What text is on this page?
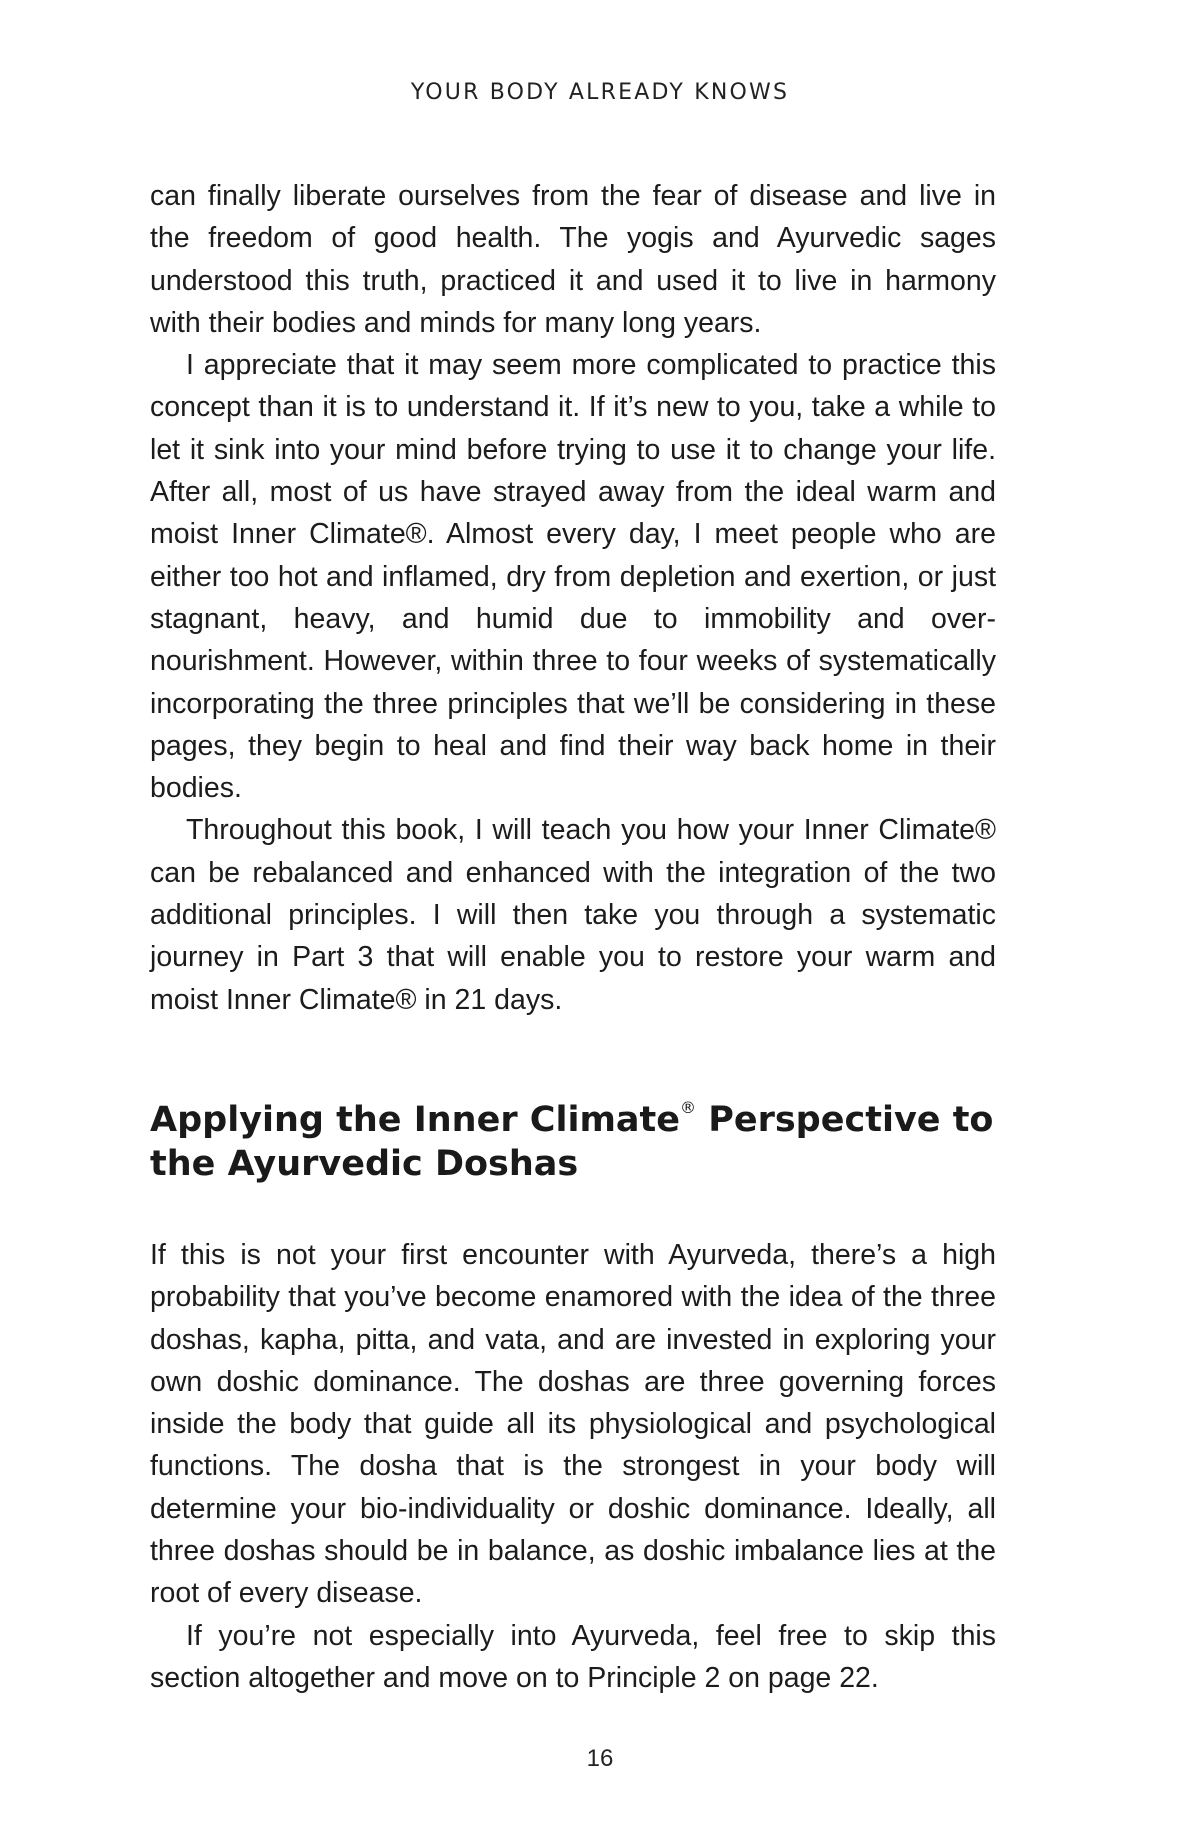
YOUR BODY ALREADY KNOWS

can finally liberate ourselves from the fear of disease and live in the freedom of good health. The yogis and Ayurvedic sages understood this truth, practiced it and used it to live in harmony with their bodies and minds for many long years.

I appreciate that it may seem more complicated to practice this concept than it is to understand it. If it’s new to you, take a while to let it sink into your mind before trying to use it to change your life. After all, most of us have strayed away from the ideal warm and moist Inner Climate®. Almost every day, I meet people who are either too hot and inflamed, dry from depletion and exertion, or just stagnant, heavy, and humid due to immobility and over-nourishment. However, within three to four weeks of systematically incorporating the three principles that we’ll be considering in these pages, they begin to heal and find their way back home in their bodies.

Throughout this book, I will teach you how your Inner Climate® can be rebalanced and enhanced with the integration of the two additional principles. I will then take you through a systematic journey in Part 3 that will enable you to restore your warm and moist Inner Climate® in 21 days.

Applying the Inner Climate® Perspective to the Ayurvedic Doshas

If this is not your first encounter with Ayurveda, there’s a high probability that you’ve become enamored with the idea of the three doshas, kapha, pitta, and vata, and are invested in exploring your own doshic dominance. The doshas are three governing forces inside the body that guide all its physiological and psychological functions. The dosha that is the strongest in your body will determine your bio-individuality or doshic dominance. Ideally, all three doshas should be in balance, as doshic imbalance lies at the root of every disease.

If you’re not especially into Ayurveda, feel free to skip this section altogether and move on to Principle 2 on page 22.

16
